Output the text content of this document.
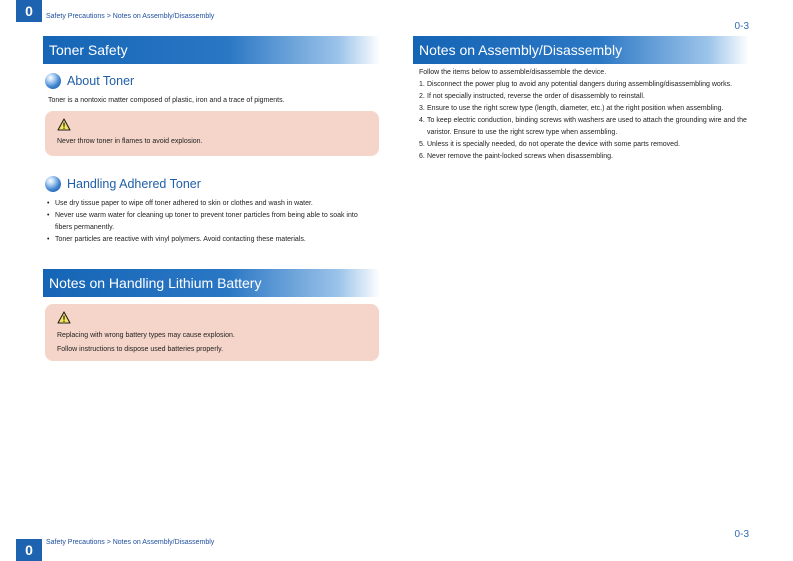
0	Safety Precautions > Notes on Assembly/Disassembly
0-3
Toner Safety
About Toner
Toner is a nontoxic matter composed of plastic, iron and a trace of pigments.
Never throw toner in flames to avoid explosion.
Handling Adhered Toner
• Use dry tissue paper to wipe off toner adhered to skin or clothes and wash in water.
• Never use warm water for cleaning up toner to prevent toner particles from being able to soak into fibers permanently.
• Toner particles are reactive with vinyl polymers. Avoid contacting these materials.
Notes on Handling Lithium Battery
Replacing with wrong battery types may cause explosion.
Follow instructions to dispose used batteries properly.
Notes on Assembly/Disassembly
Follow the items below to assemble/disassemble the device.
1. Disconnect the power plug to avoid any potential dangers during assembling/disassembling works.
2. If not specially instructed, reverse the order of disassembly to reinstall.
3. Ensure to use the right screw type (length, diameter, etc.) at the right position when assembling.
4. To keep electric conduction, binding screws with washers are used to attach the grounding wire and the varistor. Ensure to use the right screw type when assembling.
5. Unless it is specially needed, do not operate the device with some parts removed.
6. Never remove the paint-locked screws when disassembling.
0-3
Safety Precautions > Notes on Assembly/Disassembly
0
